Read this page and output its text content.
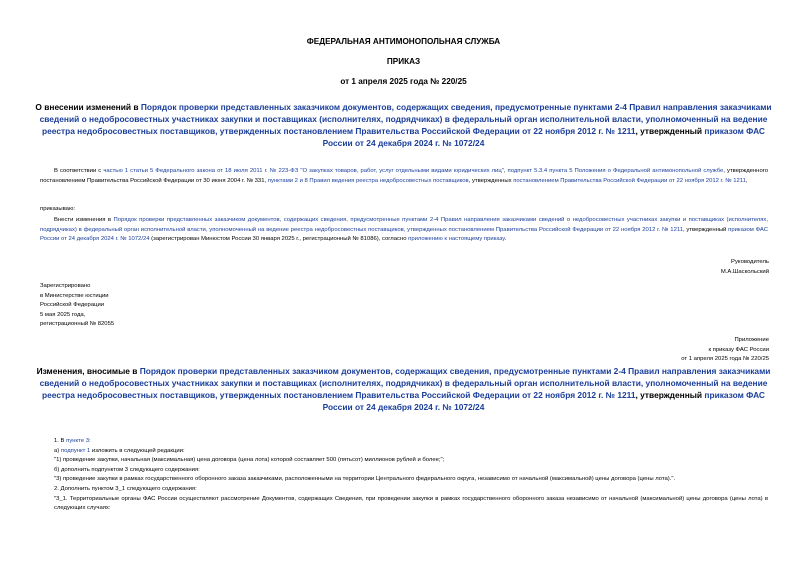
ФЕДЕРАЛЬНАЯ АНТИМОНОПОЛЬНАЯ СЛУЖБА
ПРИКАЗ
от 1 апреля 2025 года № 220/25
О внесении изменений в Порядок проверки представленных заказчиком документов, содержащих сведения, предусмотренные пунктами 2-4 Правил направления заказчиками сведений о недобросовестных участниках закупки и поставщиках (исполнителях, подрядчиках) в федеральный орган исполнительной власти, уполномоченный на ведение реестра недобросовестных поставщиков, утвержденных постановлением Правительства Российской Федерации от 22 ноября 2012 г. № 1211, утвержденный приказом ФАС России от 24 декабря 2024 г. № 1072/24
В соответствии с частью 1 статьи 5 Федерального закона от 18 июля 2011 г. № 223-ФЗ "О закупках товаров, работ, услуг отдельными видами юридических лиц", подпункт 5.3.4 пункта 5 Положения о Федеральной антимонопольной службе, утвержденного постановлением Правительства Российской Федерации от 30 июня 2004 г. № 331, пунктами 2 и 8 Правил ведения реестра недобросовестных поставщиков, утвержденных постановлением Правительства Российской Федерации от 22 ноября 2012 г. № 1211,
приказываю:
Внести изменения в Порядок проверки представленных заказчиком документов, содержащих сведения, предусмотренные пунктами 2-4 Правил направления заказчиками сведений о недобросовестных участниках закупки и поставщиках (исполнителях, подрядчиках) в федеральный орган исполнительной власти, уполномоченный на ведение реестра недобросовестных поставщиков, утвержденных постановлением Правительства Российской Федерации от 22 ноября 2012 г. № 1211, утвержденный приказом ФАС России от 24 декабря 2024 г. № 1072/24 (зарегистрирован Минюстом России 30 января 2025 г., регистрационный № 81086), согласно приложению к настоящему приказу.
Руководитель
М.А.Шаскольский
Зарегистрировано
в Министерстве юстиции
Российской Федерации
5 мая 2025 года,
регистрационный № 82055
Приложение
к приказу ФАС России
от 1 апреля 2025 года № 220/25
Изменения, вносимые в Порядок проверки представленных заказчиком документов, содержащих сведения, предусмотренные пунктами 2-4 Правил направления заказчиками сведений о недобросовестных участниках закупки и поставщиках (исполнителях, подрядчиках) в федеральный орган исполнительной власти, уполномоченный на ведение реестра недобросовестных поставщиков, утвержденных постановлением Правительства Российской Федерации от 22 ноября 2012 г. № 1211, утвержденный приказом ФАС России от 24 декабря 2024 г. № 1072/24
1. В пункте 3:
а) подпункт 1 изложить в следующей редакции:
"1) проведение закупки, начальная (максимальная) цена договора (цена лота) которой составляет 500 (пятьсот) миллионов рублей и более;";
б) дополнить подпунктом 3 следующего содержания:
"3) проведение закупки в рамках государственного оборонного заказа заказчиками, расположенными на территории Центрального федерального округа, независимо от начальной (максимальной) цены договора (цены лота).".
2. Дополнить пунктом 3_1 следующего содержания:
"3_1. Территориальные органы ФАС России осуществляют рассмотрение Документов, содержащих Сведения, при проведении закупки в рамках государственного оборонного заказа независимо от начальной (максимальной) цены договора (цены лота) в следующих случаях:
